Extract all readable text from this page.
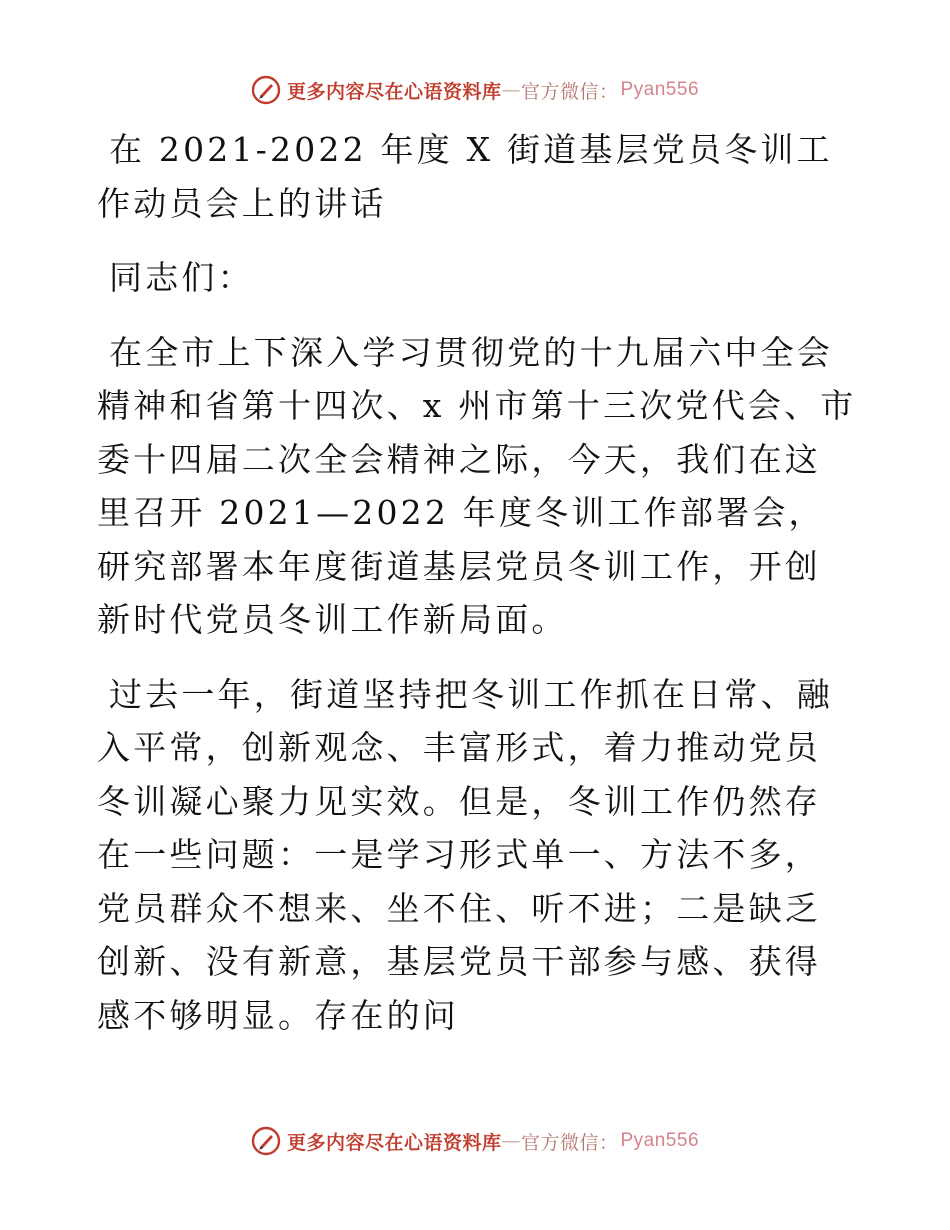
更多内容尽在心语资料库 — 官方微信： Pyan556

在 2021-2022 年度 X 街道基层党员冬训工作动员会上的讲话

同志们：

在全市上下深入学习贯彻党的十九届六中全会精神和省第十四次、x 州市第十三次党代会、市委十四届二次全会精神之际，今天，我们在这里召开 2021—2022 年度冬训工作部署会，研究部署本年度街道基层党员冬训工作，开创新时代党员冬训工作新局面。

过去一年，街道坚持把冬训工作抓在日常、融入平常，创新观念、丰富形式，着力推动党员冬训凝心聚力见实效。但是，冬训工作仍然存在一些问题：一是学习形式单一、方法不多，党员群众不想来、坐不住、听不进；二是缺乏创新、没有新意，基层党员干部参与感、获得感不够明显。存在的问

更多内容尽在心语资料库 — 官方微信： Pyan556
